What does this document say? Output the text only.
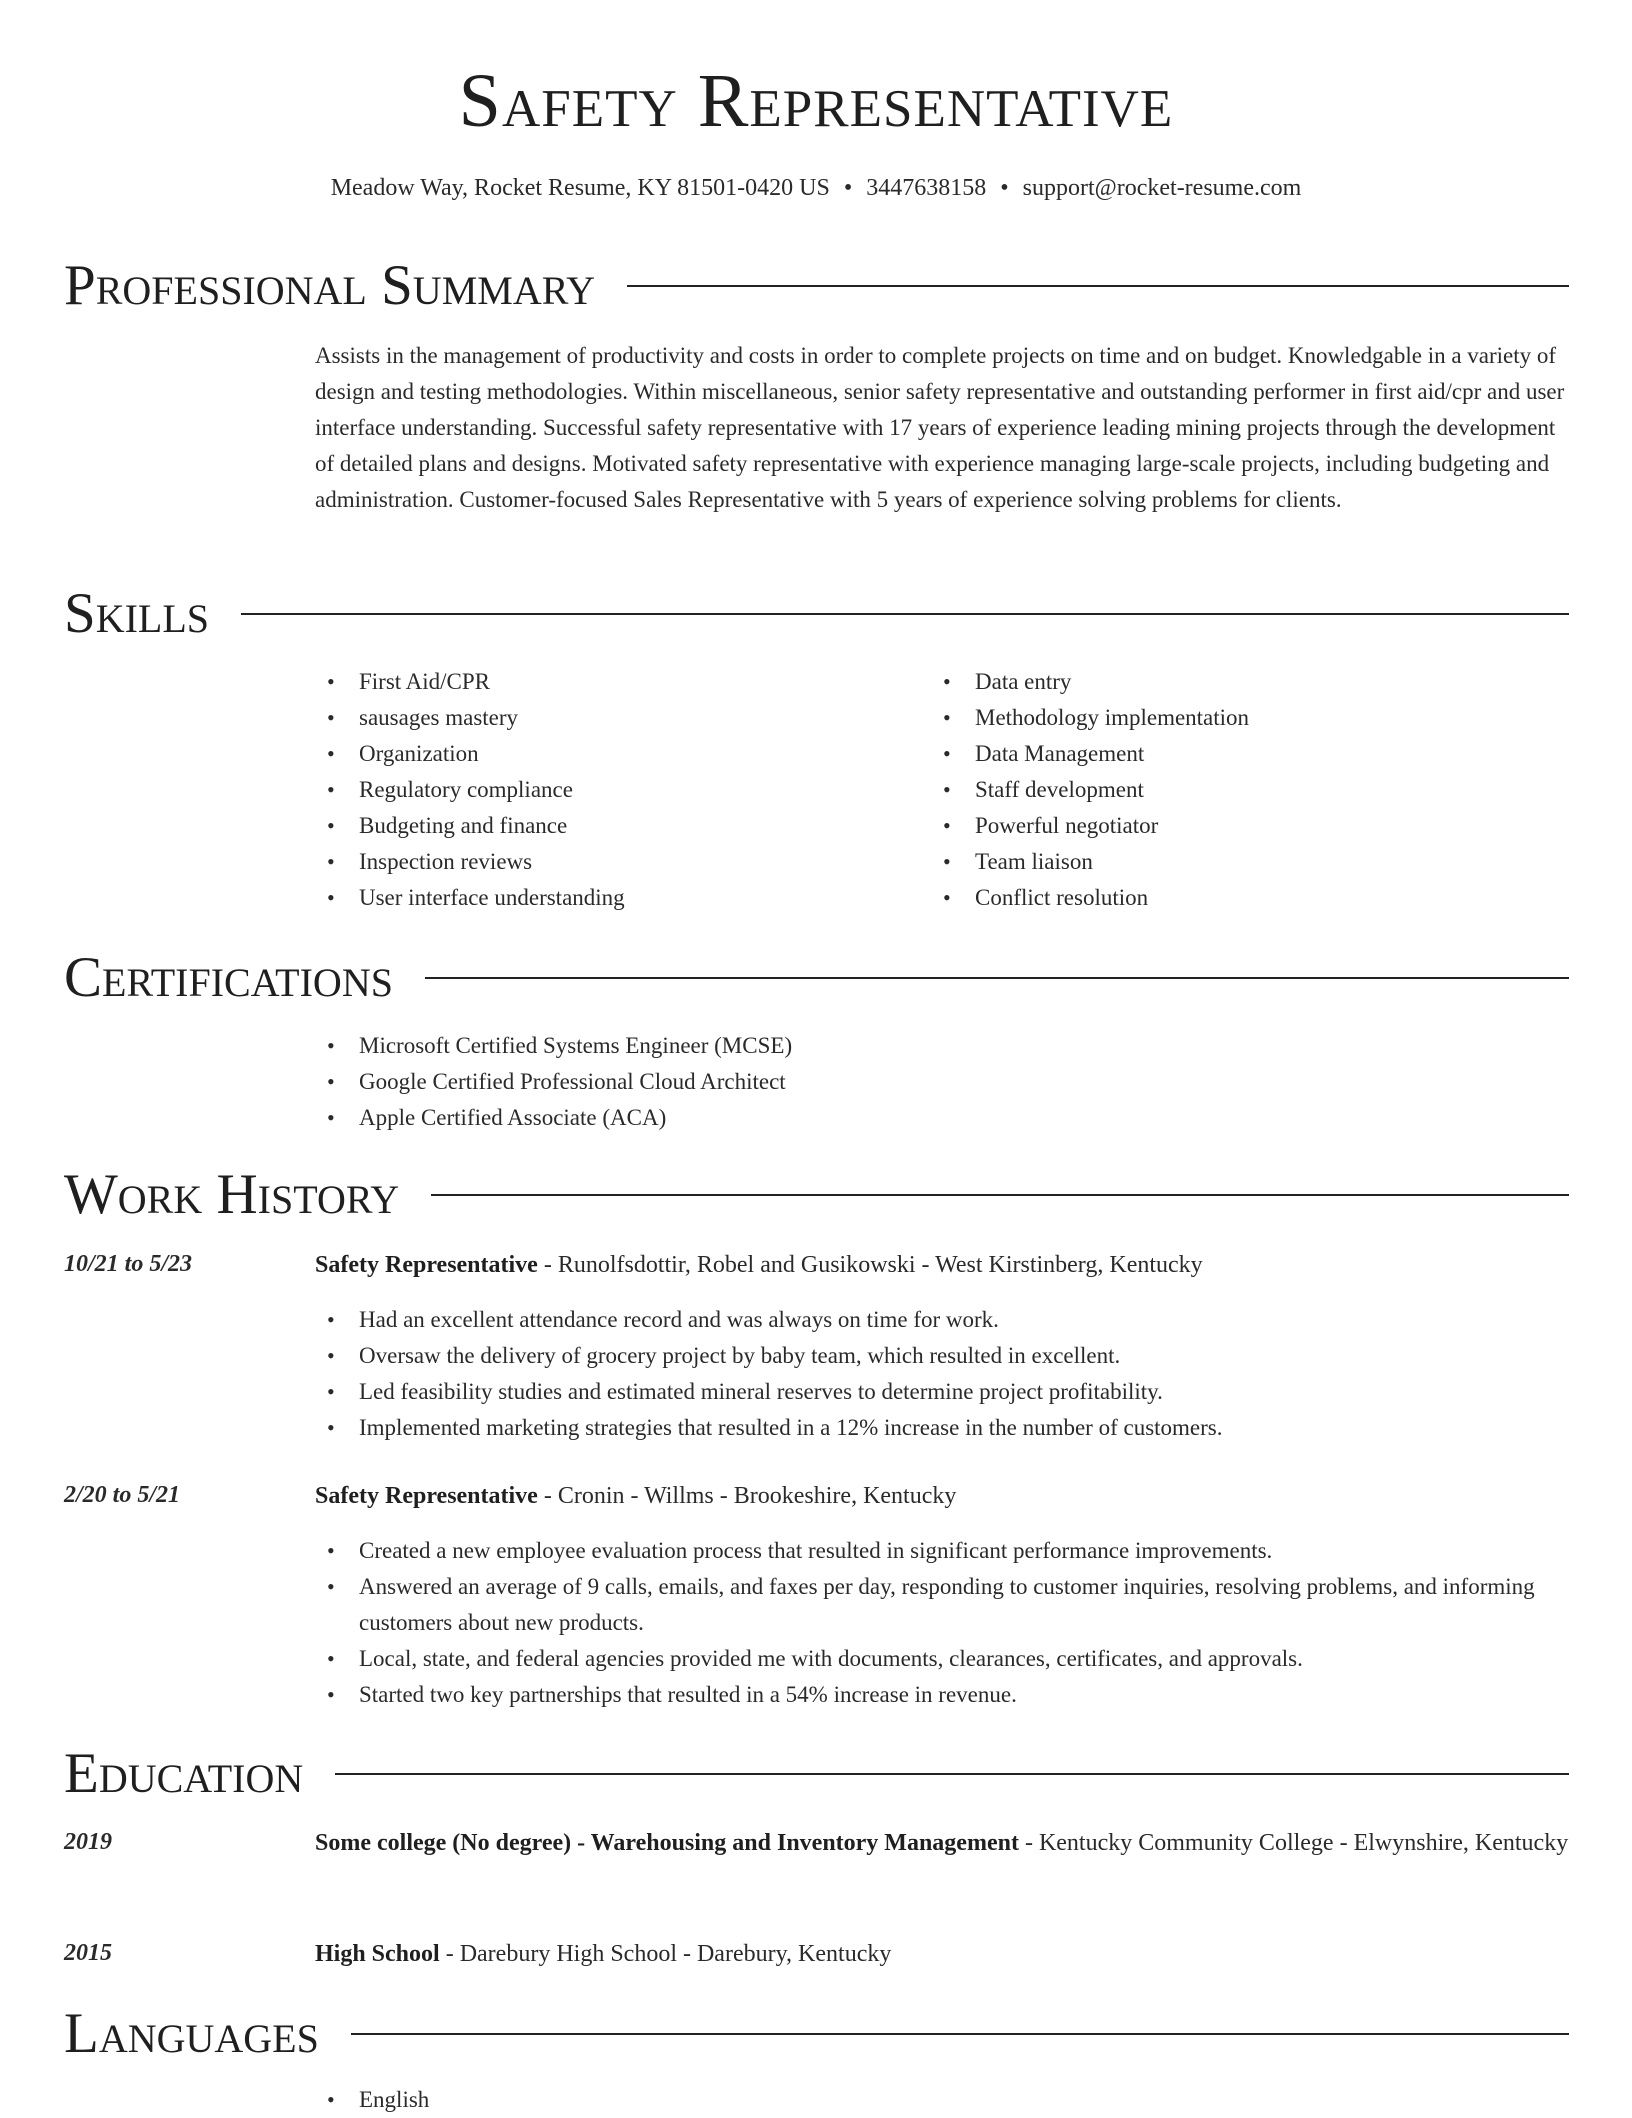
Safety Representative
Meadow Way, Rocket Resume, KY 81501-0420 US • 3447638158 • support@rocket-resume.com
Professional Summary
Assists in the management of productivity and costs in order to complete projects on time and on budget. Knowledgable in a variety of design and testing methodologies. Within miscellaneous, senior safety representative and outstanding performer in first aid/cpr and user interface understanding. Successful safety representative with 17 years of experience leading mining projects through the development of detailed plans and designs. Motivated safety representative with experience managing large-scale projects, including budgeting and administration. Customer-focused Sales Representative with 5 years of experience solving problems for clients.
Skills
• First Aid/CPR
• sausages mastery
• Organization
• Regulatory compliance
• Budgeting and finance
• Inspection reviews
• User interface understanding
• Data entry
• Methodology implementation
• Data Management
• Staff development
• Powerful negotiator
• Team liaison
• Conflict resolution
Certifications
• Microsoft Certified Systems Engineer (MCSE)
• Google Certified Professional Cloud Architect
• Apple Certified Associate (ACA)
Work History
10/21 to 5/23	Safety Representative - Runolfsdottir, Robel and Gusikowski - West Kirstinberg, Kentucky
• Had an excellent attendance record and was always on time for work.
• Oversaw the delivery of grocery project by baby team, which resulted in excellent.
• Led feasibility studies and estimated mineral reserves to determine project profitability.
• Implemented marketing strategies that resulted in a 12% increase in the number of customers.
2/20 to 5/21	Safety Representative - Cronin - Willms - Brookeshire, Kentucky
• Created a new employee evaluation process that resulted in significant performance improvements.
• Answered an average of 9 calls, emails, and faxes per day, responding to customer inquiries, resolving problems, and informing customers about new products.
• Local, state, and federal agencies provided me with documents, clearances, certificates, and approvals.
• Started two key partnerships that resulted in a 54% increase in revenue.
Education
2019	Some college (No degree) - Warehousing and Inventory Management - Kentucky Community College - Elwynshire, Kentucky
2015	High School - Darebury High School - Darebury, Kentucky
Languages
• English
